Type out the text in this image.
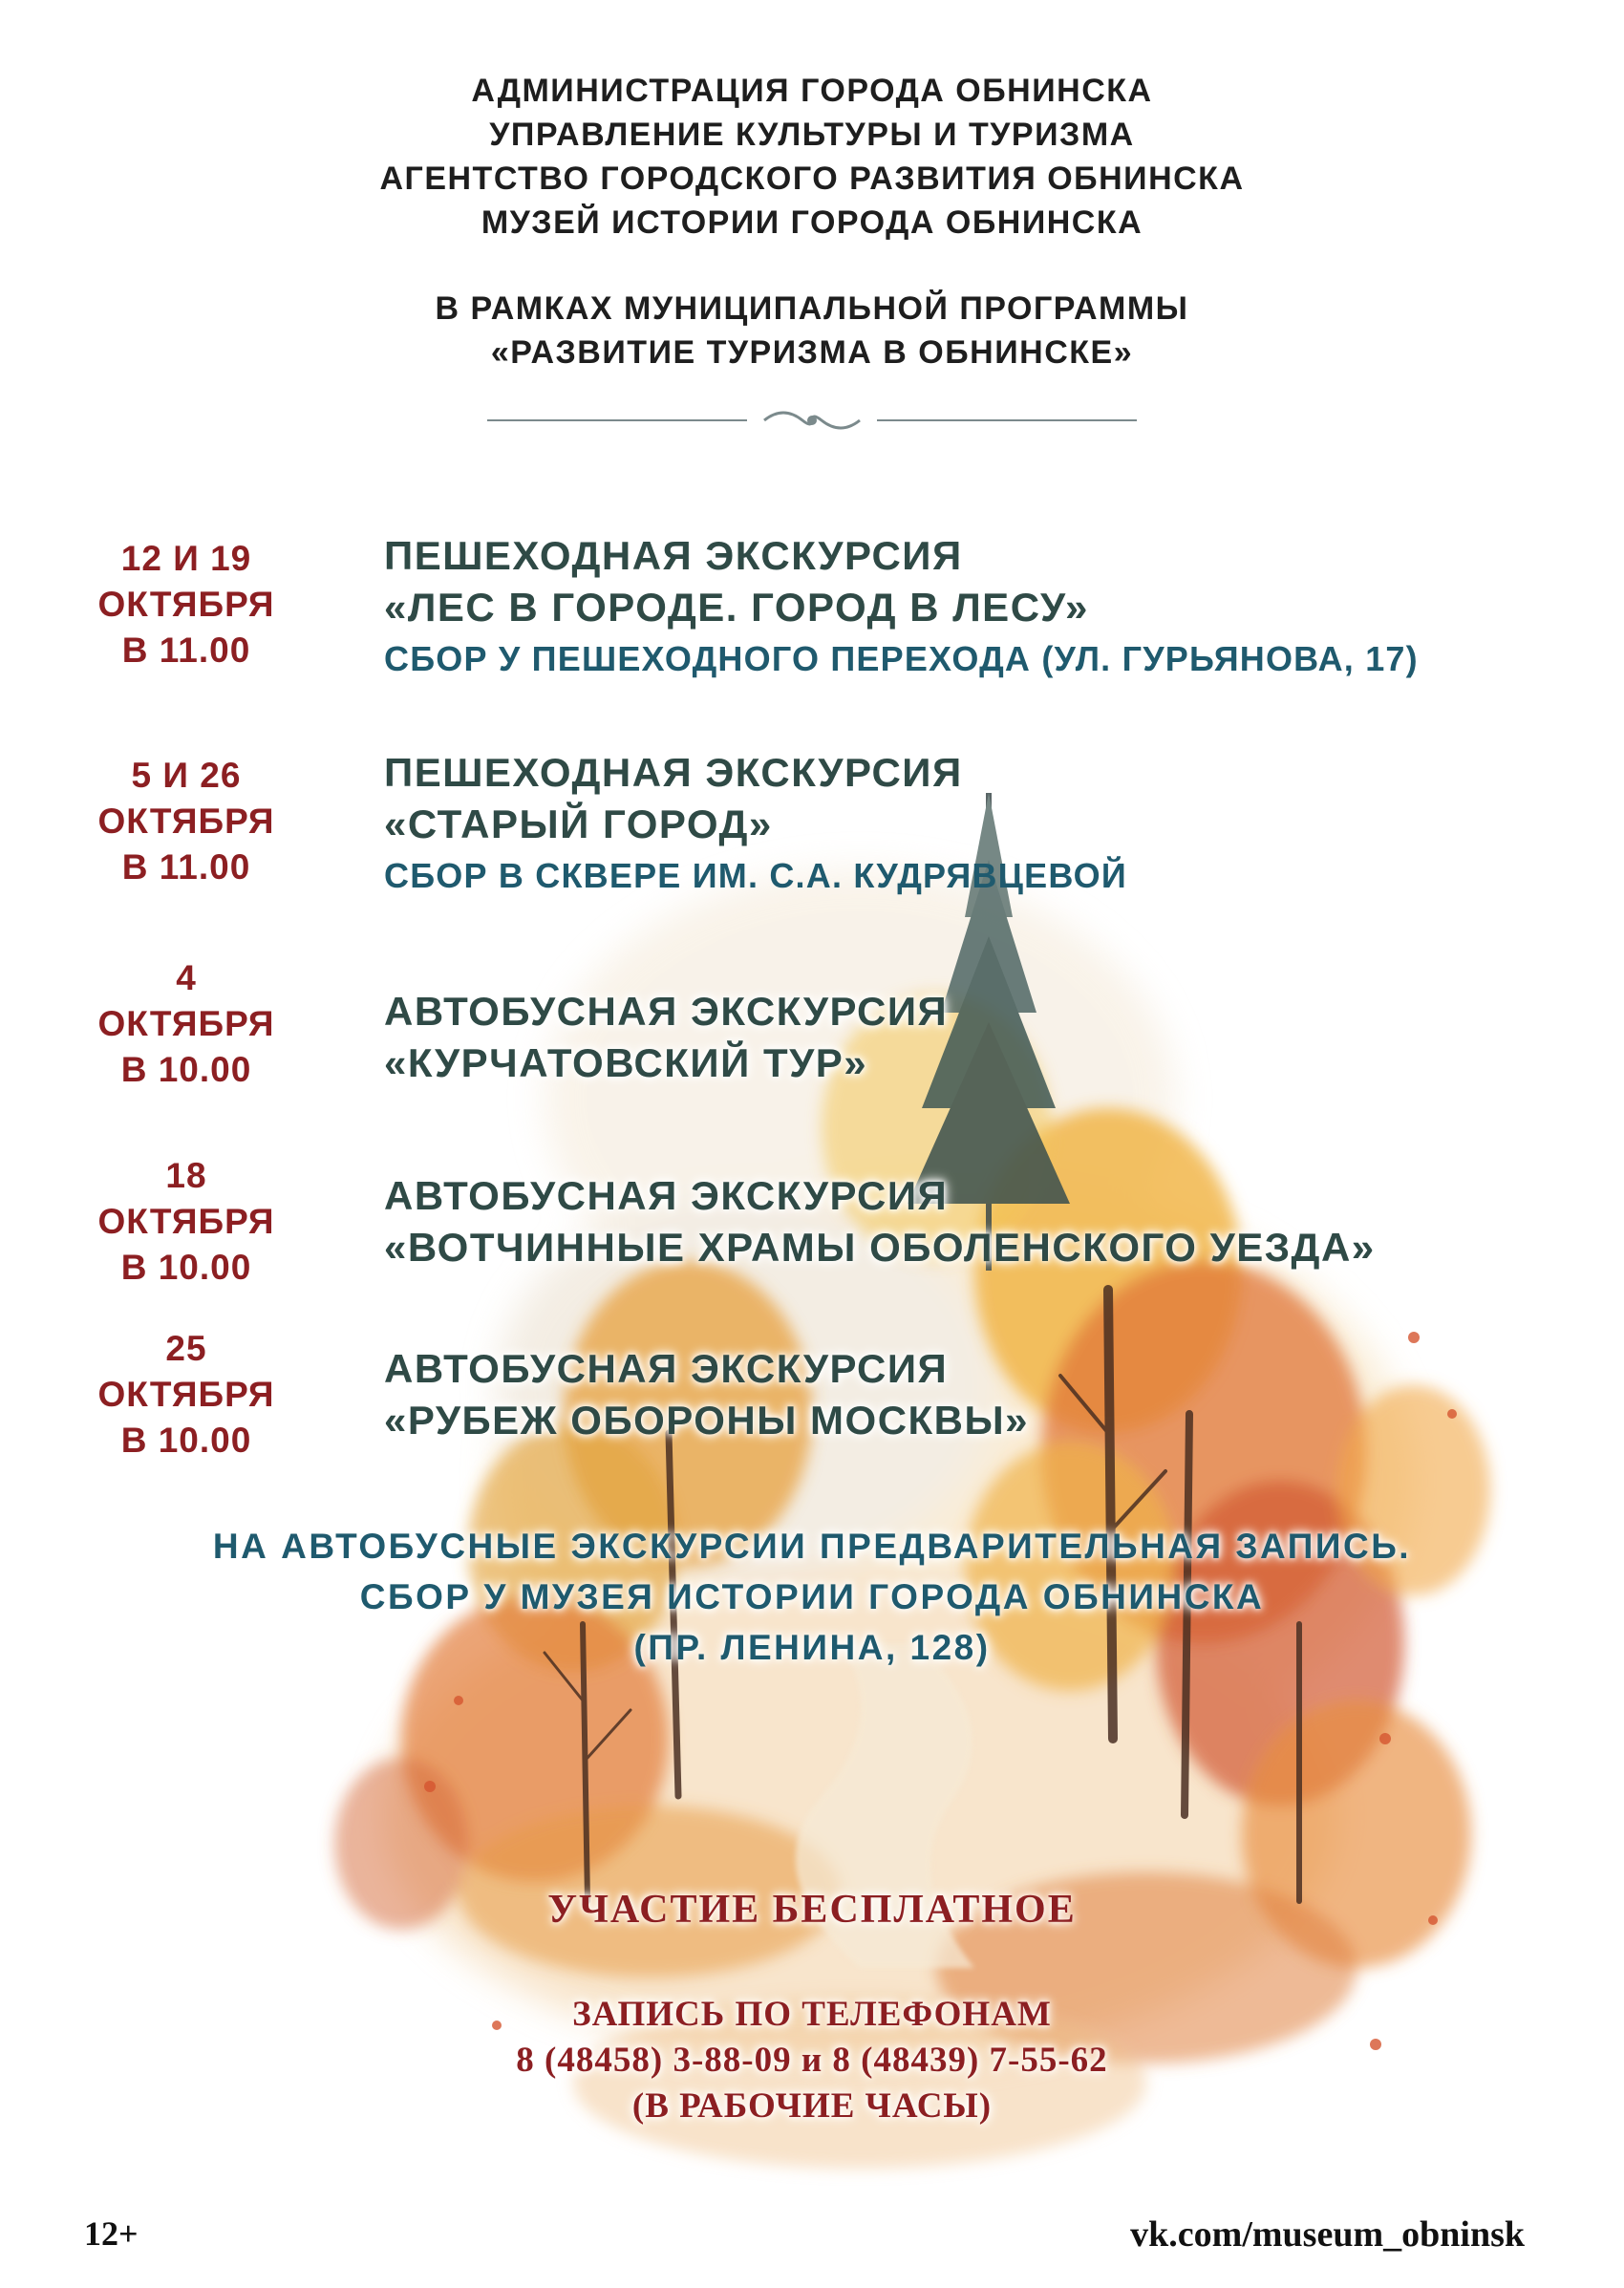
АДМИНИСТРАЦИЯ ГОРОДА ОБНИНСКА
УПРАВЛЕНИЕ КУЛЬТУРЫ И ТУРИЗМА
АГЕНТСТВО ГОРОДСКОГО РАЗВИТИЯ ОБНИНСКА
МУЗЕЙ ИСТОРИИ ГОРОДА ОБНИНСКА
В РАМКАХ МУНИЦИПАЛЬНОЙ ПРОГРАММЫ
«РАЗВИТИЕ ТУРИЗМА В ОБНИНСКЕ»
12 И 19
ОКТЯБРЯ
В 11.00
ПЕШЕХОДНАЯ ЭКСКУРСИЯ
«ЛЕС В ГОРОДЕ. ГОРОД В ЛЕСУ»
СБОР У ПЕШЕХОДНОГО ПЕРЕХОДА (УЛ. ГУРЬЯНОВА, 17)
5 И 26
ОКТЯБРЯ
В 11.00
ПЕШЕХОДНАЯ ЭКСКУРСИЯ
«СТАРЫЙ ГОРОД»
СБОР В СКВЕРЕ ИМ. С.А. КУДРЯВЦЕВОЙ
4
ОКТЯБРЯ
В 10.00
АВТОБУСНАЯ ЭКСКУРСИЯ
«КУРЧАТОВСКИЙ ТУР»
18
ОКТЯБРЯ
В 10.00
АВТОБУСНАЯ ЭКСКУРСИЯ
«ВОТЧИННЫЕ ХРАМЫ ОБОЛЕНСКОГО УЕЗДА»
25
ОКТЯБРЯ
В 10.00
АВТОБУСНАЯ ЭКСКУРСИЯ
«РУБЕЖ ОБОРОНЫ МОСКВЫ»
НА АВТОБУСНЫЕ ЭКСКУРСИИ ПРЕДВАРИТЕЛЬНАЯ ЗАПИСЬ.
СБОР У МУЗЕЯ ИСТОРИИ ГОРОДА ОБНИНСКА
(ПР. ЛЕНИНА, 128)
УЧАСТИЕ БЕСПЛАТНОЕ
ЗАПИСЬ ПО ТЕЛЕФОНАМ
8 (48458) 3-88-09 и 8 (48439) 7-55-62
(В РАБОЧИЕ ЧАСЫ)
12+	vk.com/museum_obninsk
